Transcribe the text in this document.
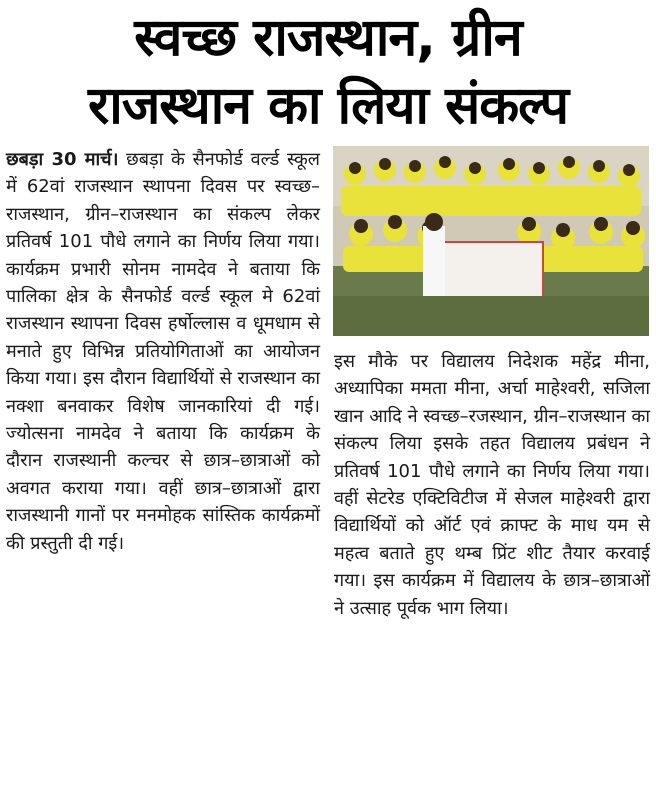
स्वच्छ राजस्थान, ग्रीन
राजस्थान का लिया संकल्प

छबड़ा 30 मार्च। छबड़ा के सैनफोर्ड वर्ल्ड स्कूल में 62वां राजस्थान स्थापना दिवस पर स्वच्छ–राजस्थान, ग्रीन–राजस्थान का संकल्प लेकर प्रतिवर्ष 101 पौधे लगाने का निर्णय लिया गया। कार्यक्रम प्रभारी सोनम नामदेव ने बताया कि पालिका क्षेत्र के सैनफोर्ड वर्ल्ड स्कूल मे 62वां राजस्थान स्थापना दिवस हर्षोल्लास व धूमधाम से मनाते हुए विभिन्न प्रतियोगिताओं का आयोजन किया गया। इस दौरान विद्यार्थियों से राजस्थान का नक्शा बनवाकर विशेष जानकारियां दी गई। ज्योत्सना नामदेव ने बताया कि कार्यक्रम के दौरान राजस्थानी कल्चर से छात्र–छात्राओं को अवगत कराया गया। वहीं छात्र–छात्राओं द्वारा राजस्थानी गानों पर मनमोहक सांस्तिक कार्यक्रमों की प्रस्तुती दी गई।

इस मौके पर विद्यालय निदेशक महेंद्र मीना, अध्यापिका ममता मीना, अर्चा माहेश्वरी, सजिला खान आदि ने स्वच्छ–रजस्थान, ग्रीन–राजस्थान का संकल्प लिया इसके तहत विद्यालय प्रबंधन ने प्रतिवर्ष 101 पौधे लगाने का निर्णय लिया गया। वहीं सेटरेड एक्टिविटीज में सेजल माहेश्वरी द्वारा विद्यार्थियों को ऑर्ट एवं क्राफ्ट के माध यम से महत्व बताते हुए थम्ब प्रिंट शीट तैयार करवाई गया। इस कार्यक्रम में विद्यालय के छात्र–छात्राओं ने उत्साह पूर्वक भाग लिया।
